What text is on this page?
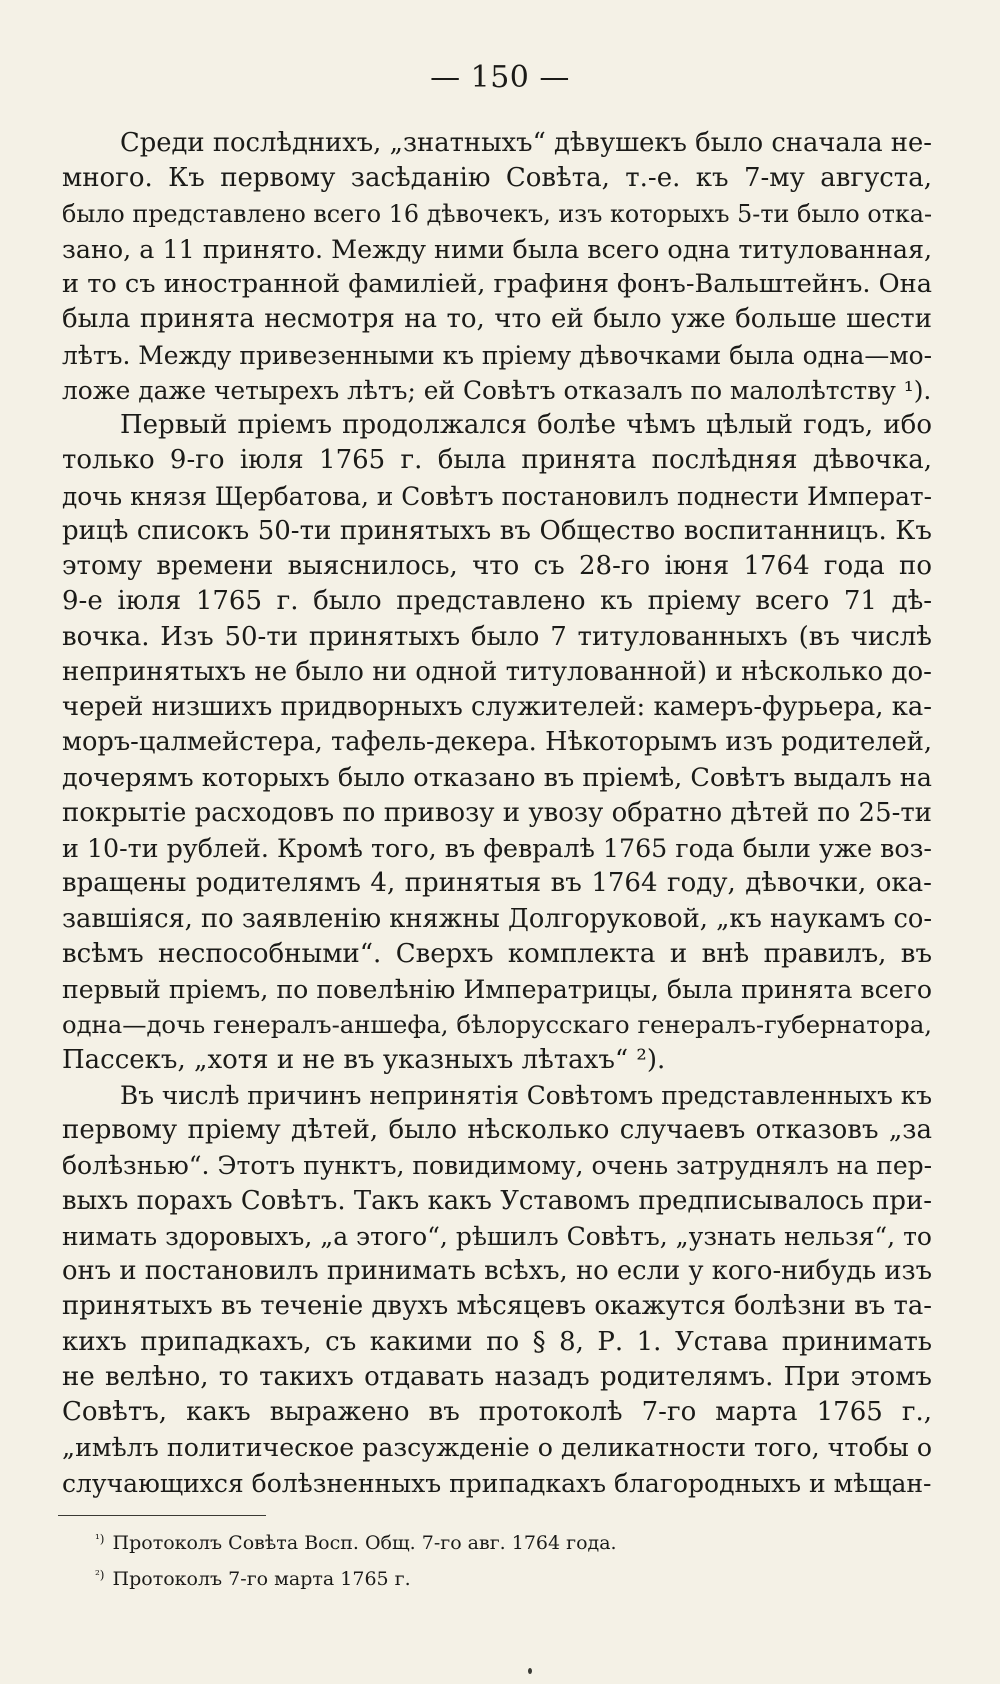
— 150 —
Среди послѣднихъ, „знатныхъ“ дѣвушекъ было сначала не-
много. Къ первому засѣданію Совѣта, т.-е. къ 7-му августа,
было представлено всего 16 дѣвочекъ, изъ которыхъ 5-ти было отка-
зано, а 11 принято. Между ними была всего одна титулованная,
и то съ иностранной фамиліей, графиня фонъ-Вальштейнъ. Она
была принята несмотря на то, что ей было уже больше шести
лѣтъ. Между привезенными къ пріему дѣвочками была одна—мо-
ложе даже четырехъ лѣтъ; ей Совѣтъ отказалъ по малолѣтству ¹).
Первый пріемъ продолжался болѣе чѣмъ цѣлый годъ, ибо
только 9-го іюля 1765 г. была принята послѣдняя дѣвочка,
дочь князя Щербатова, и Совѣтъ постановилъ поднести Императ-
рицѣ списокъ 50-ти принятыхъ въ Общество воспитанницъ. Къ
этому времени выяснилось, что съ 28-го іюня 1764 года по
9-е іюля 1765 г. было представлено къ пріему всего 71 дѣ-
вочка. Изъ 50-ти принятыхъ было 7 титулованныхъ (въ числѣ
непринятыхъ не было ни одной титулованной) и нѣсколько до-
черей низшихъ придворныхъ служителей: камеръ-фурьера, ка-
моръ-цалмейстера, тафель-декера. Нѣкоторымъ изъ родителей,
дочерямъ которыхъ было отказано въ пріемѣ, Совѣтъ выдалъ на
покрытіе расходовъ по привозу и увозу обратно дѣтей по 25-ти
и 10-ти рублей. Кромѣ того, въ февралѣ 1765 года были уже воз-
вращены родителямъ 4, принятыя въ 1764 году, дѣвочки, ока-
завшіяся, по заявленію княжны Долгоруковой, „къ наукамъ со-
всѣмъ неспособными“. Сверхъ комплекта и внѣ правилъ, въ
первый пріемъ, по повелѣнію Императрицы, была принята всего
одна—дочь генералъ-аншефа, бѣлорусскаго генералъ-губернатора,
Пассекъ, „хотя и не въ указныхъ лѣтахъ“ ²).
Въ числѣ причинъ непринятія Совѣтомъ представленныхъ къ
первому пріему дѣтей, было нѣсколько случаевъ отказовъ „за
болѣзнью“. Этотъ пунктъ, повидимому, очень затруднялъ на пер-
выхъ порахъ Совѣтъ. Такъ какъ Уставомъ предписывалось при-
нимать здоровыхъ, „а этого“, рѣшилъ Совѣтъ, „узнать нельзя“, то
онъ и постановилъ принимать всѣхъ, но если у кого-нибудь изъ
принятыхъ въ теченіе двухъ мѣсяцевъ окажутся болѣзни въ та-
кихъ припадкахъ, съ какими по § 8, Р. 1. Устава принимать
не велѣно, то такихъ отдавать назадъ родителямъ. При этомъ
Совѣтъ, какъ выражено въ протоколѣ 7-го марта 1765 г.,
„имѣлъ политическое разсужденіе о деликатности того, чтобы о
случающихся болѣзненныхъ припадкахъ благородныхъ и мѣщан-
$^{^1)}$ Протоколъ Совѣта Восп. Общ. 7-го авг. 1764 года.
$^{^2)}$ Протоколъ 7-го марта 1765 г.
